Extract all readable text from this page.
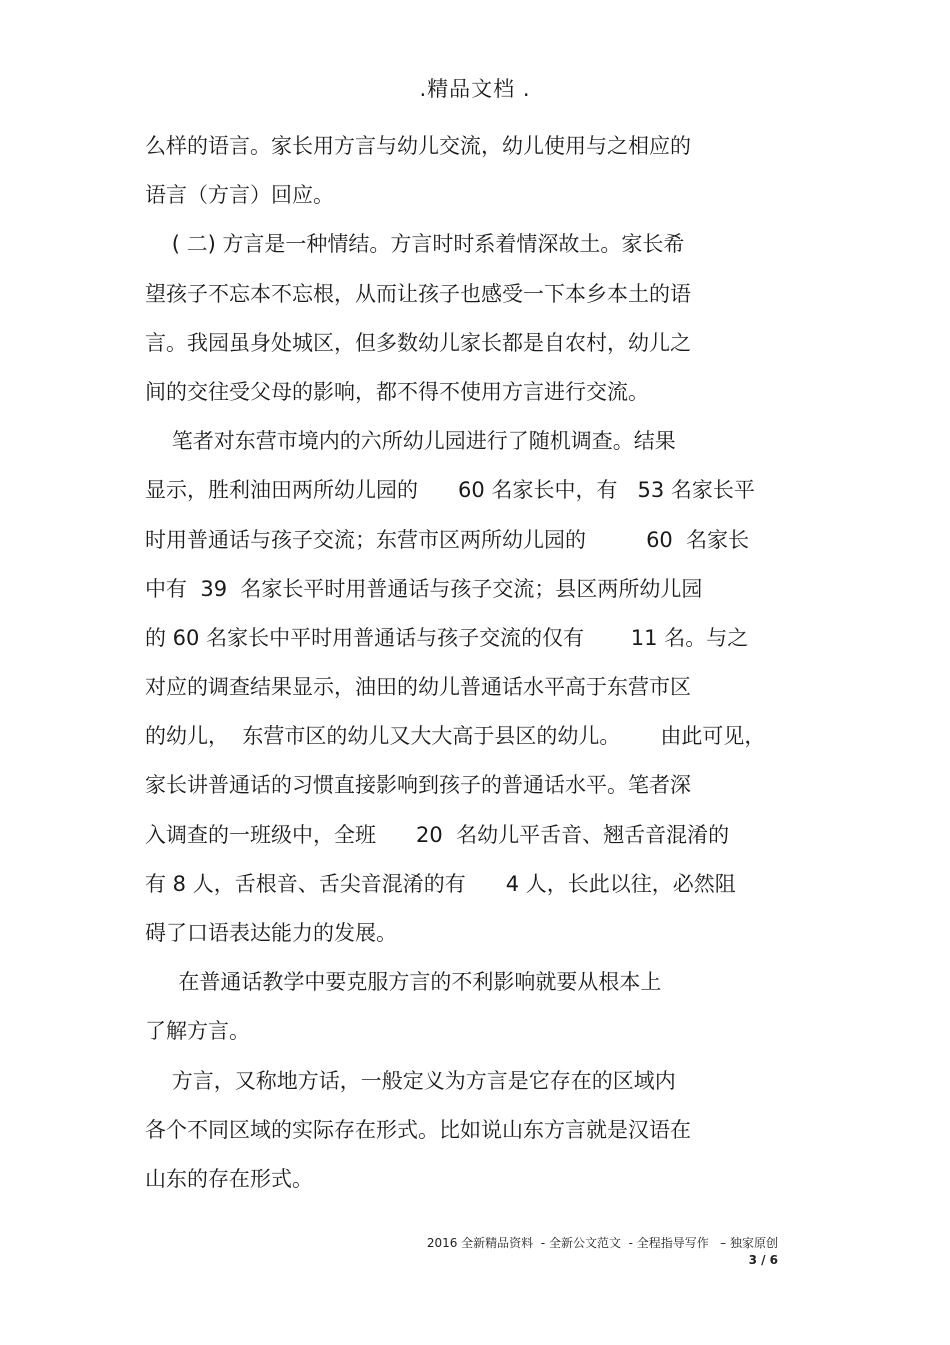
.精品文档 .
么样的语言。家长用方言与幼儿交流，幼儿使用与之相应的
语言（方言）回应。
( 二) 方言是一种情结。方言时时系着情深故土。家长希
望孩子不忘本不忘根，从而让孩子也感受一下本乡本土的语
言。我园虽身处城区，但多数幼儿家长都是自农村，幼儿之
间的交往受父母的影响，都不得不使用方言进行交流。
笔者对东营市境内的六所幼儿园进行了随机调查。结果
显示，胜利油田两所幼儿园的      60 名家长中，有   53 名家长平
时用普通话与孩子交流；东营市区两所幼儿园的         60  名家长
中有  39  名家长平时用普通话与孩子交流；县区两所幼儿园
的 60 名家长中平时用普通话与孩子交流的仅有       11 名。与之
对应的调查结果显示，油田的幼儿普通话水平高于东营市区
的幼儿，  东营市区的幼儿又大大高于县区的幼儿。      由此可见，
家长讲普通话的习惯直接影响到孩子的普通话水平。笔者深
入调查的一班级中，全班      20  名幼儿平舌音、翘舌音混淆的
有 8 人，舌根音、舌尖音混淆的有      4 人，长此以往，必然阻
碍了口语表达能力的发展。
在普通话教学中要克服方言的不利影响就要从根本上
了解方言。
方言，又称地方话，一般定义为方言是它存在的区域内
各个不同区域的实际存在形式。比如说山东方言就是汉语在
山东的存在形式。
2016 全新精品资料  - 全新公文范文  - 全程指导写作   – 独家原创
3 / 6
